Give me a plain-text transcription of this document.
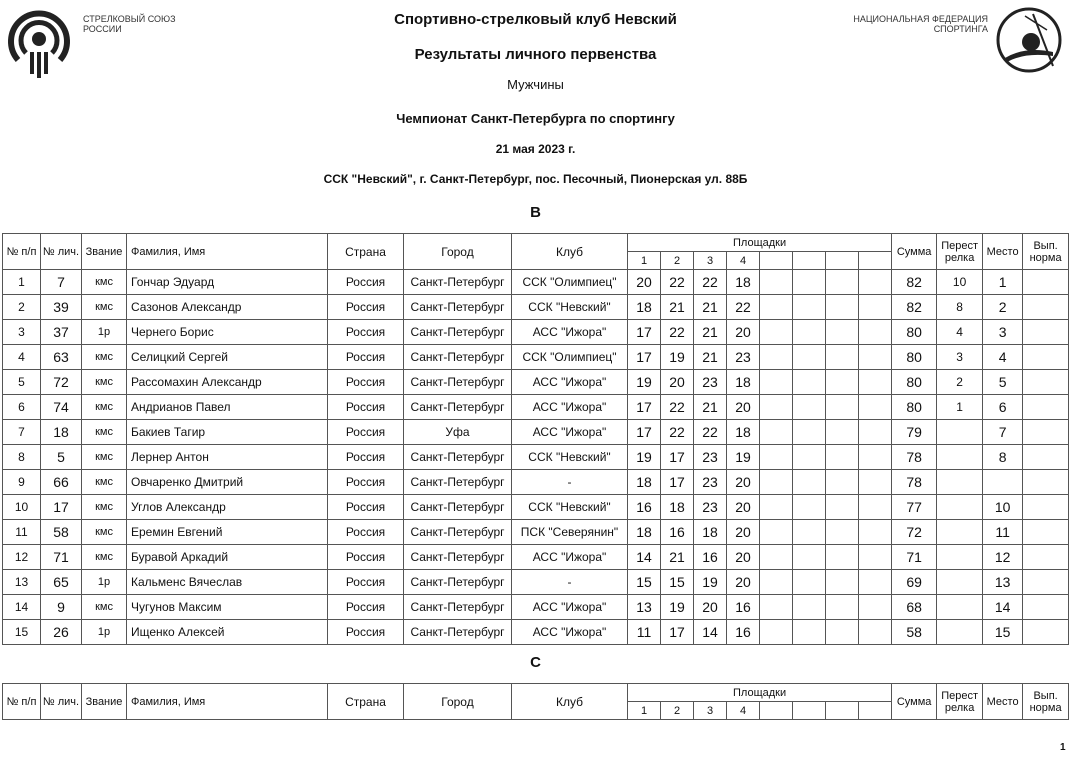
СТРЕЛКОВЫЙ СОЮЗ
РОССИИ
НАЦИОНАЛЬНАЯ ФЕДЕРАЦИЯ
СПОРТИНГА
Спортивно-стрелковый клуб Невский
Результаты личного первенства
Мужчины
Чемпионат Санкт-Петербурга по спортингу
21 мая 2023 г.
ССК "Невский", г. Санкт-Петербург, пос. Песочный, Пионерская ул. 88Б
B
№ п/п	№ лич.	Звание	Фамилия, Имя	Страна	Город	Клуб	Площадки								Сумма	Перест релка	Место	Вып. норма
							1	2	3	4								
1	7	кмс	Гончар Эдуард	Россия	Санкт-Петербург	ССК "Олимпиец"	20	22	22	18					82	10	1	
2	39	кмс	Сазонов Александр	Россия	Санкт-Петербург	ССК "Невский"	18	21	21	22					82	8	2	
3	37	1р	Чернего Борис	Россия	Санкт-Петербург	АСС "Ижора"	17	22	21	20					80	4	3	
4	63	кмс	Селицкий Сергей	Россия	Санкт-Петербург	ССК "Олимпиец"	17	19	21	23					80	3	4	
5	72	кмс	Рассомахин Александр	Россия	Санкт-Петербург	АСС "Ижора"	19	20	23	18					80	2	5	
6	74	кмс	Андрианов Павел	Россия	Санкт-Петербург	АСС "Ижора"	17	22	21	20					80	1	6	
7	18	кмс	Бакиев Тагир	Россия	Уфа	АСС "Ижора"	17	22	22	18					79		7	
8	5	кмс	Лернер Антон	Россия	Санкт-Петербург	ССК "Невский"	19	17	23	19					78		8	
9	66	кмс	Овчаренко Дмитрий	Россия	Санкт-Петербург	-	18	17	23	20					78			
10	17	кмс	Углов Александр	Россия	Санкт-Петербург	ССК "Невский"	16	18	23	20					77		10	
11	58	кмс	Еремин Евгений	Россия	Санкт-Петербург	ПСК "Северянин"	18	16	18	20					72		11	
12	71	кмс	Буравой Аркадий	Россия	Санкт-Петербург	АСС "Ижора"	14	21	16	20					71		12	
13	65	1р	Кальменс Вячеслав	Россия	Санкт-Петербург	-	15	15	19	20					69		13	
14	9	кмс	Чугунов Максим	Россия	Санкт-Петербург	АСС "Ижора"	13	19	20	16					68		14	
15	26	1р	Ищенко Алексей	Россия	Санкт-Петербург	АСС "Ижора"	11	17	14	16					58		15	
C
№ п/п	№ лич.	Звание	Фамилия, Имя	Страна	Город	Клуб	Площадки								Сумма	Перест релка	Место	Вып. норма
							1	2	3	4								
1
